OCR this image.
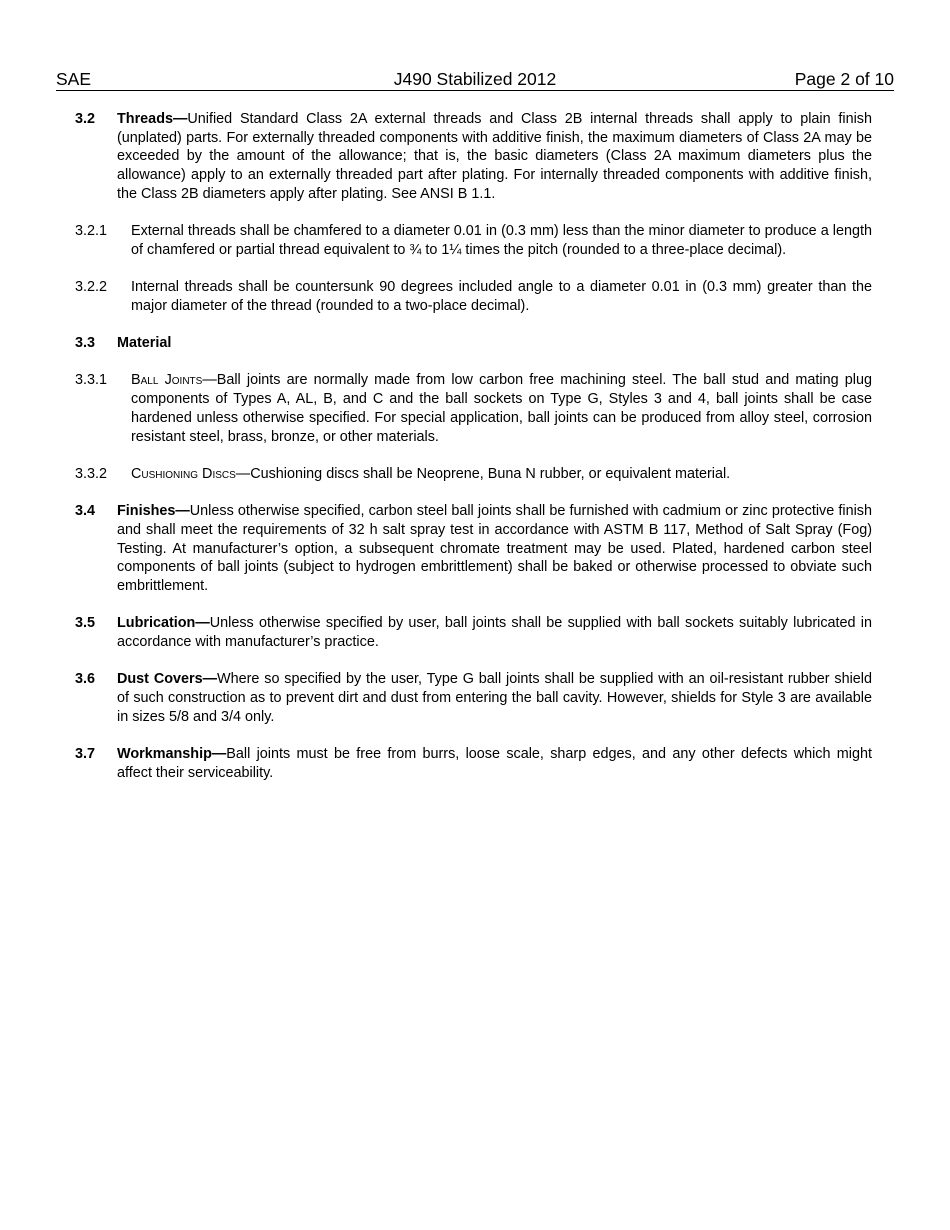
SAE	J490 Stabilized 2012	Page 2 of 10
3.2 Threads—Unified Standard Class 2A external threads and Class 2B internal threads shall apply to plain finish (unplated) parts. For externally threaded components with additive finish, the maximum diameters of Class 2A may be exceeded by the amount of the allowance; that is, the basic diameters (Class 2A maximum diameters plus the allowance) apply to an externally threaded part after plating. For internally threaded components with additive finish, the Class 2B diameters apply after plating. See ANSI B 1.1.
3.2.1 External threads shall be chamfered to a diameter 0.01 in (0.3 mm) less than the minor diameter to produce a length of chamfered or partial thread equivalent to ¾ to 1¼ times the pitch (rounded to a three-place decimal).
3.2.2 Internal threads shall be countersunk 90 degrees included angle to a diameter 0.01 in (0.3 mm) greater than the major diameter of the thread (rounded to a two-place decimal).
3.3 Material
3.3.1 Ball Joints—Ball joints are normally made from low carbon free machining steel. The ball stud and mating plug components of Types A, AL, B, and C and the ball sockets on Type G, Styles 3 and 4, ball joints shall be case hardened unless otherwise specified. For special application, ball joints can be produced from alloy steel, corrosion resistant steel, brass, bronze, or other materials.
3.3.2 Cushioning Discs—Cushioning discs shall be Neoprene, Buna N rubber, or equivalent material.
3.4 Finishes—Unless otherwise specified, carbon steel ball joints shall be furnished with cadmium or zinc protective finish and shall meet the requirements of 32 h salt spray test in accordance with ASTM B 117, Method of Salt Spray (Fog) Testing. At manufacturer’s option, a subsequent chromate treatment may be used. Plated, hardened carbon steel components of ball joints (subject to hydrogen embrittlement) shall be baked or otherwise processed to obviate such embrittlement.
3.5 Lubrication—Unless otherwise specified by user, ball joints shall be supplied with ball sockets suitably lubricated in accordance with manufacturer’s practice.
3.6 Dust Covers—Where so specified by the user, Type G ball joints shall be supplied with an oil-resistant rubber shield of such construction as to prevent dirt and dust from entering the ball cavity. However, shields for Style 3 are available in sizes 5/8 and 3/4 only.
3.7 Workmanship—Ball joints must be free from burrs, loose scale, sharp edges, and any other defects which might affect their serviceability.
